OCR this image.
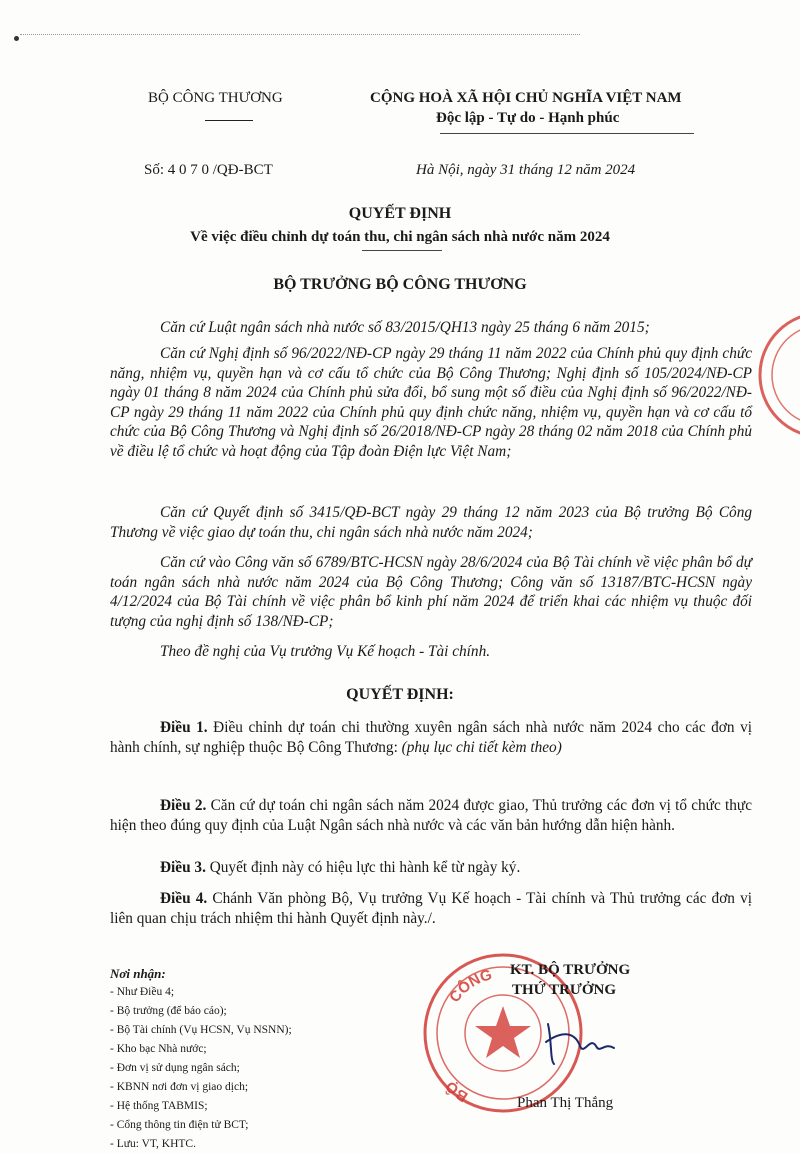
BỘ CÔNG THƯƠNG	CỘNG HOÀ XÃ HỘI CHỦ NGHĨA VIỆT NAM
Độc lập - Tự do - Hạnh phúc
Số: 4 0 7 0 /QĐ-BCT	Hà Nội, ngày 31 tháng 12 năm 2024
QUYẾT ĐỊNH
Về việc điều chỉnh dự toán thu, chi ngân sách nhà nước năm 2024
BỘ TRƯỞNG BỘ CÔNG THƯƠNG
Căn cứ Luật ngân sách nhà nước số 83/2015/QH13 ngày 25 tháng 6 năm 2015;
Căn cứ Nghị định số 96/2022/NĐ-CP ngày 29 tháng 11 năm 2022 của Chính phủ quy định chức năng, nhiệm vụ, quyền hạn và cơ cấu tổ chức của Bộ Công Thương; Nghị định số 105/2024/NĐ-CP ngày 01 tháng 8 năm 2024 của Chính phủ sửa đổi, bổ sung một số điều của Nghị định số 96/2022/NĐ-CP ngày 29 tháng 11 năm 2022 của Chính phủ quy định chức năng, nhiệm vụ, quyền hạn và cơ cấu tổ chức của Bộ Công Thương và Nghị định số 26/2018/NĐ-CP ngày 28 tháng 02 năm 2018 của Chính phủ về điều lệ tổ chức và hoạt động của Tập đoàn Điện lực Việt Nam;
Căn cứ Quyết định số 3415/QĐ-BCT ngày 29 tháng 12 năm 2023 của Bộ trưởng Bộ Công Thương về việc giao dự toán thu, chi ngân sách nhà nước năm 2024;
Căn cứ vào Công văn số 6789/BTC-HCSN ngày 28/6/2024 của Bộ Tài chính về việc phân bổ dự toán ngân sách nhà nước năm 2024 của Bộ Công Thương; Công văn số 13187/BTC-HCSN ngày 4/12/2024 của Bộ Tài chính về việc phân bổ kinh phí năm 2024 để triển khai các nhiệm vụ thuộc đối tượng của nghị định số 138/NĐ-CP;
Theo đề nghị của Vụ trưởng Vụ Kế hoạch - Tài chính.
QUYẾT ĐỊNH:
Điều 1. Điều chỉnh dự toán chi thường xuyên ngân sách nhà nước năm 2024 cho các đơn vị hành chính, sự nghiệp thuộc Bộ Công Thương: (phụ lục chi tiết kèm theo)
Điều 2. Căn cứ dự toán chi ngân sách năm 2024 được giao, Thủ trưởng các đơn vị tổ chức thực hiện theo đúng quy định của Luật Ngân sách nhà nước và các văn bản hướng dẫn hiện hành.
Điều 3. Quyết định này có hiệu lực thi hành kể từ ngày ký.
Điều 4. Chánh Văn phòng Bộ, Vụ trưởng Vụ Kế hoạch - Tài chính và Thủ trưởng các đơn vị liên quan chịu trách nhiệm thi hành Quyết định này./.
Nơi nhận:
- Như Điều 4;
- Bộ trưởng (để báo cáo);
- Bộ Tài chính (Vụ HCSN, Vụ NSNN);
- Kho bạc Nhà nước;
- Đơn vị sử dụng ngân sách;
- KBNN nơi đơn vị giao dịch;
- Hệ thống TABMIS;
- Cổng thông tin điện tử BCT;
- Lưu: VT, KHTC.
CÔNG
BỘ
KT. BỘ TRƯỞNG
THỨ TRƯỞNG
Phan Thị Thắng
